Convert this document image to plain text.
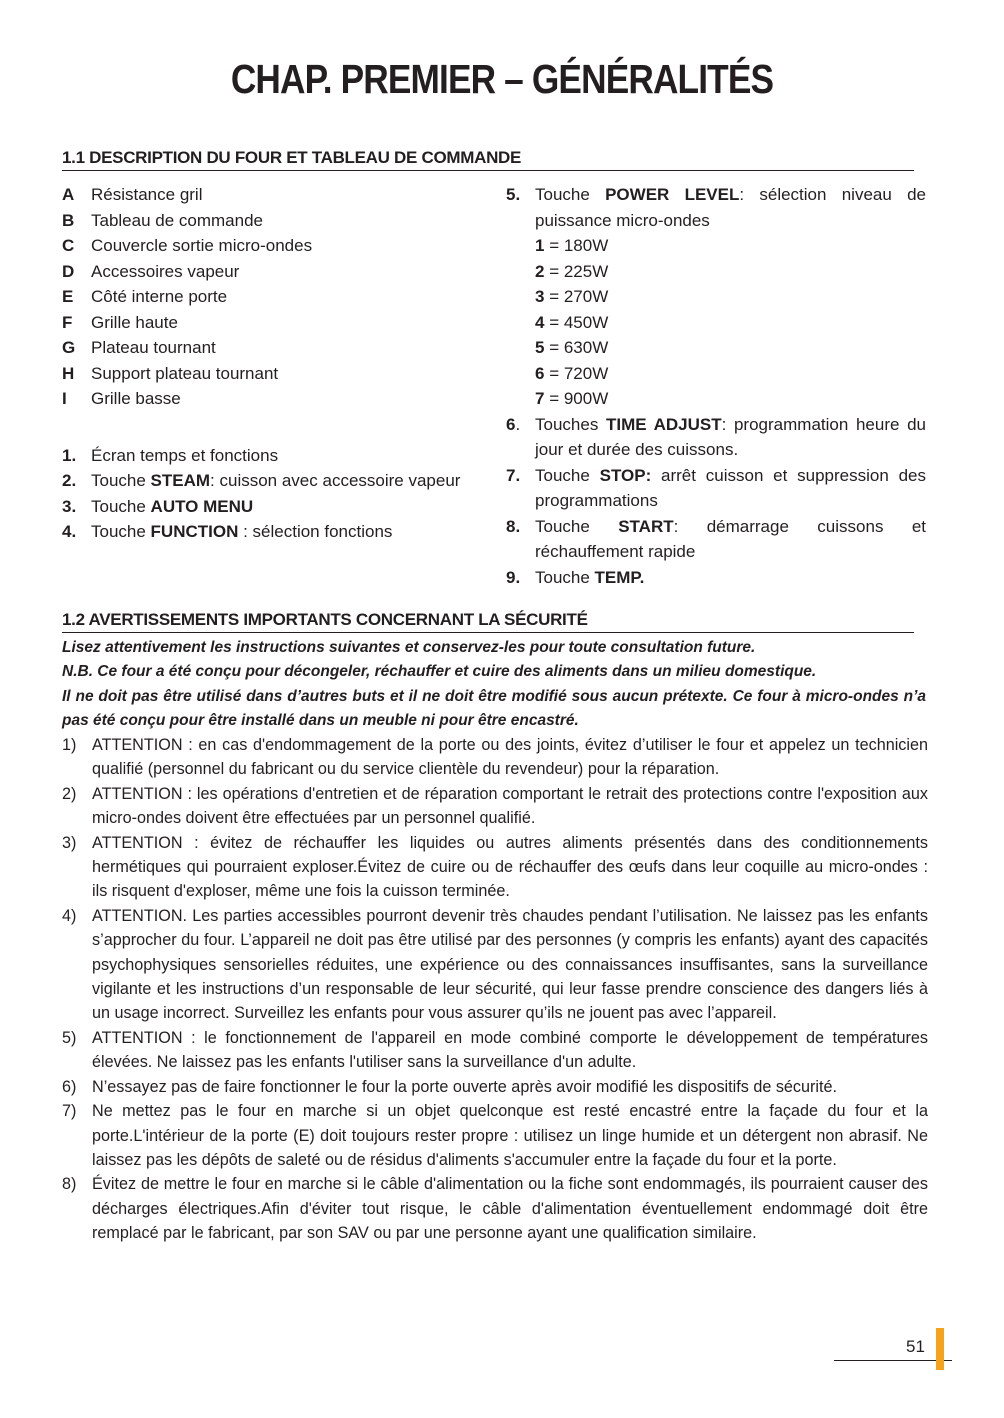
CHAP. PREMIER – GÉNÉRALITÉS
1.1 DESCRIPTION DU FOUR ET TABLEAU DE COMMANDE
A Résistance gril
B Tableau de commande
C Couvercle sortie micro-ondes
D Accessoires vapeur
E	Côté interne porte
F	Grille haute
G Plateau tournant
H Support plateau tournant
I	Grille basse
1. Écran temps et fonctions
2. Touche STEAM: cuisson avec accessoire vapeur
3. Touche AUTO MENU
4. Touche FUNCTION : sélection fonctions
5. Touche POWER LEVEL: sélection niveau de puissance micro-ondes
1 = 180W
2 = 225W
3 = 270W
4 = 450W
5 = 630W
6 = 720W
7 = 900W
6. Touches TIME ADJUST: programmation heure du jour et durée des cuissons.
7. Touche STOP: arrêt cuisson et suppression des programmations
8. Touche START: démarrage cuissons et réchauffement rapide
9. Touche TEMP.
1.2 AVERTISSEMENTS IMPORTANTS CONCERNANT LA SÉCURITÉ
Lisez attentivement les instructions suivantes et conservez-les pour toute consultation future.
N.B. Ce four a été conçu pour décongeler, réchauffer et cuire des aliments dans un milieu domestique.
Il ne doit pas être utilisé dans d’autres buts et il ne doit être modifié sous aucun prétexte. Ce four à micro-ondes n’a pas été conçu pour être installé dans un meuble ni pour être encastré.
1) ATTENTION : en cas d'endommagement de la porte ou des joints, évitez d’utiliser le four et appelez un technicien qualifié (personnel du fabricant ou du service clientèle du revendeur) pour la réparation.
2) ATTENTION : les opérations d'entretien et de réparation comportant le retrait des protections contre l'exposition aux micro-ondes doivent être effectuées par un personnel qualifié.
3) ATTENTION : évitez de réchauffer les liquides ou autres aliments présentés dans des conditionnements hermétiques qui pourraient exploser.Évitez de cuire ou de réchauffer des œufs dans leur coquille au micro-ondes : ils risquent d'exploser, même une fois la cuisson terminée.
4) ATTENTION. Les parties accessibles pourront devenir très chaudes pendant l’utilisation. Ne laissez pas les enfants s’approcher du four. L’appareil ne doit pas être utilisé par des personnes (y compris les enfants) ayant des capacités psychophysiques sensorielles réduites, une expérience ou des connaissances insuffisantes, sans la surveillance vigilante et les instructions d’un responsable de leur sécurité, qui leur fasse prendre conscience des dangers liés à un usage incorrect. Surveillez les enfants pour vous assurer qu’ils ne jouent pas avec l’appareil.
5) ATTENTION : le fonctionnement de l'appareil en mode combiné comporte le développement de températures élevées. Ne laissez pas les enfants l'utiliser sans la surveillance d'un adulte.
6) N’essayez pas de faire fonctionner le four la porte ouverte après avoir modifié les dispositifs de sécurité.
7) Ne mettez pas le four en marche si un objet quelconque est resté encastré entre la façade du four et la porte.L'intérieur de la porte (E) doit toujours rester propre : utilisez un linge humide et un détergent non abrasif. Ne laissez pas les dépôts de saleté ou de résidus d'aliments s'accumuler entre la façade du four et la porte.
8) Évitez de mettre le four en marche si le câble d'alimentation ou la fiche sont endommagés, ils pourraient causer des décharges électriques.Afin d'éviter tout risque, le câble d'alimentation éventuellement endommagé doit être remplacé par le fabricant, par son SAV ou par une personne ayant une qualification similaire.
51
